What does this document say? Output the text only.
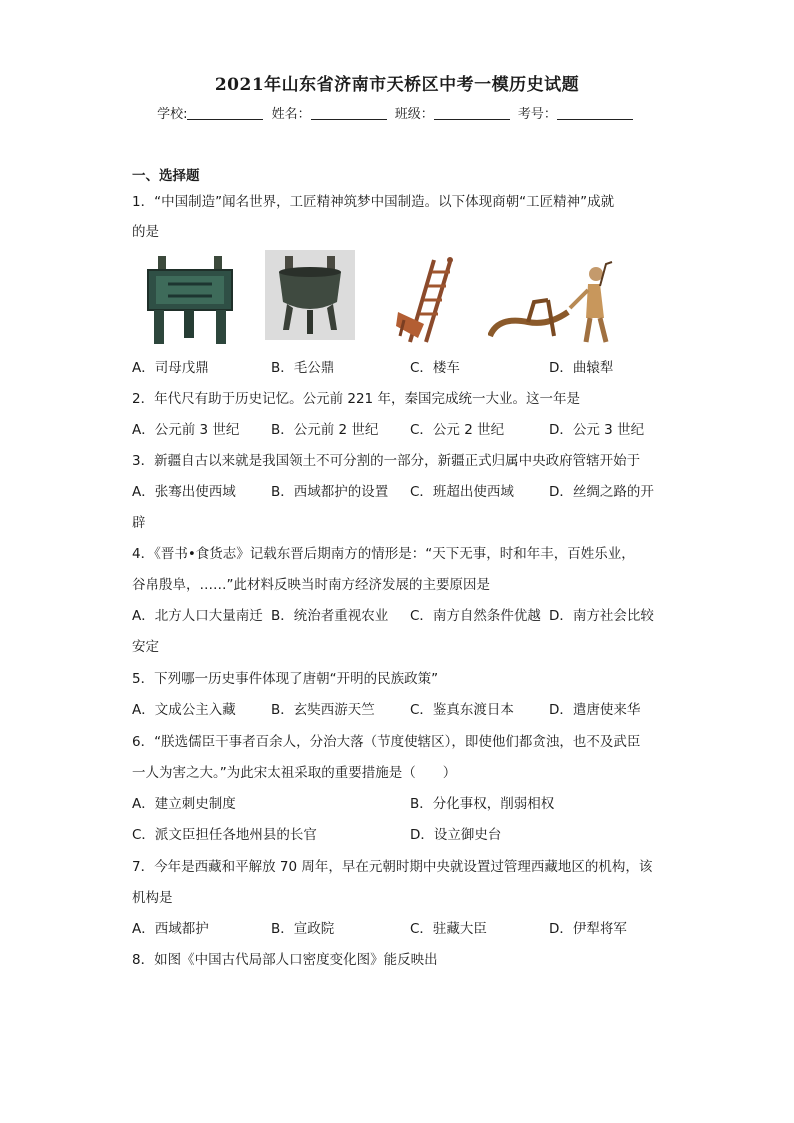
2021年山东省济南市天桥区中考一模历史试题
学校:	姓名：	班级：	考号：
一、选择题
1．“中国制造”闻名世界，工匠精神筑梦中国制造。以下体现商朝“工匠精神”成就
的是
A．司母戊鼎	B．毛公鼎	C．楼车	D．曲辕犁
2．年代尺有助于历史记忆。公元前 221 年，秦国完成统一大业。这一年是
A．公元前 3 世纪 B．公元前 2 世纪 C．公元 2 世纪	D．公元 3 世纪
3．新疆自古以来就是我国领土不可分割的一部分，新疆正式归属中央政府管辖开始于
A．张骞出使西域	B．西域都护的设置 C．班超出使西域	D．丝绸之路的开
辟
4．《晋书•食货志》记载东晋后期南方的情形是：“天下无事，时和年丰，百姓乐业，
谷帛殷阜，……”此材料反映当时南方经济发展的主要原因是
A．北方人口大量南迁 B．统治者重视农业 C．南方自然条件优越 D．南方社会比较
安定
5．下列哪一历史事件体现了唐朝“开明的民族政策”
A．文成公主入藏	B．玄奘西游天竺	C．鉴真东渡日本	D．遣唐使来华
6．“朕选儒臣干事者百余人，分治大落（节度使辖区），即使他们都贪浊，也不及武臣
一人为害之大。”为此宋太祖采取的重要措施是（　　）
A．建立刺史制度	B．分化事权，削弱相权
C．派文臣担任各地州县的长官	D．设立御史台
7．今年是西藏和平解放 70 周年，早在元朝时期中央就设置过管理西藏地区的机构，该
机构是
A．西域都护	B．宣政院	C．驻藏大臣	D．伊犁将军
8．如图《中国古代局部人口密度变化图》能反映出
